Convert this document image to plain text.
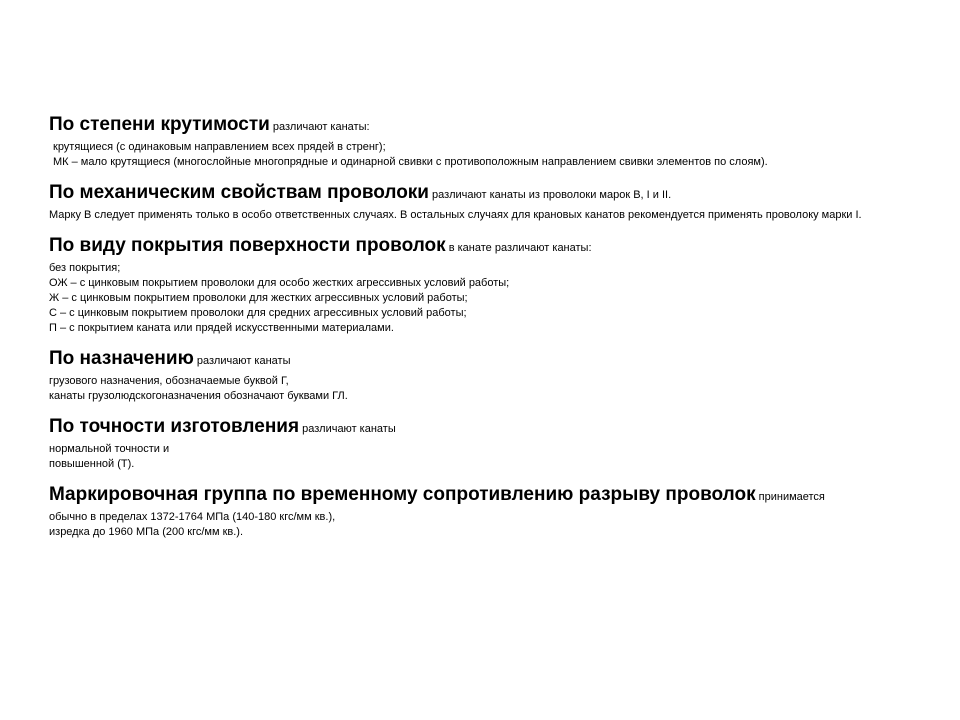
По степени крутимости различают канаты:
крутящиеся (с одинаковым направлением всех прядей в стренг);
МК – мало крутящиеся (многослойные многопрядные и одинарной свивки с противоположным направлением свивки элементов по слоям).
По механическим свойствам проволоки различают канаты из проволоки марок В, I и II.
Марку В следует применять только в особо ответственных случаях. В остальных случаях для крановых канатов рекомендуется применять проволоку марки I.
По виду покрытия поверхности проволок в канате различают канаты:
без покрытия;
ОЖ – с цинковым покрытием проволоки для особо жестких агрессивных условий работы;
Ж – с цинковым покрытием проволоки для жестких агрессивных условий работы;
С – с цинковым покрытием проволоки для средних агрессивных условий работы;
П – с покрытием каната или прядей искусственными материалами.
По назначению различают канаты
грузового назначения, обозначаемые буквой Г,
канаты грузолюдскогоназначения обозначают буквами ГЛ.
По точности изготовления различают канаты
нормальной точности и
повышенной (Т).
Маркировочная группа по временному сопротивлению разрыву проволок принимается
обычно в пределах 1372-1764 МПа (140-180 кгс/мм кв.),
изредка до 1960 МПа (200 кгс/мм кв.).
